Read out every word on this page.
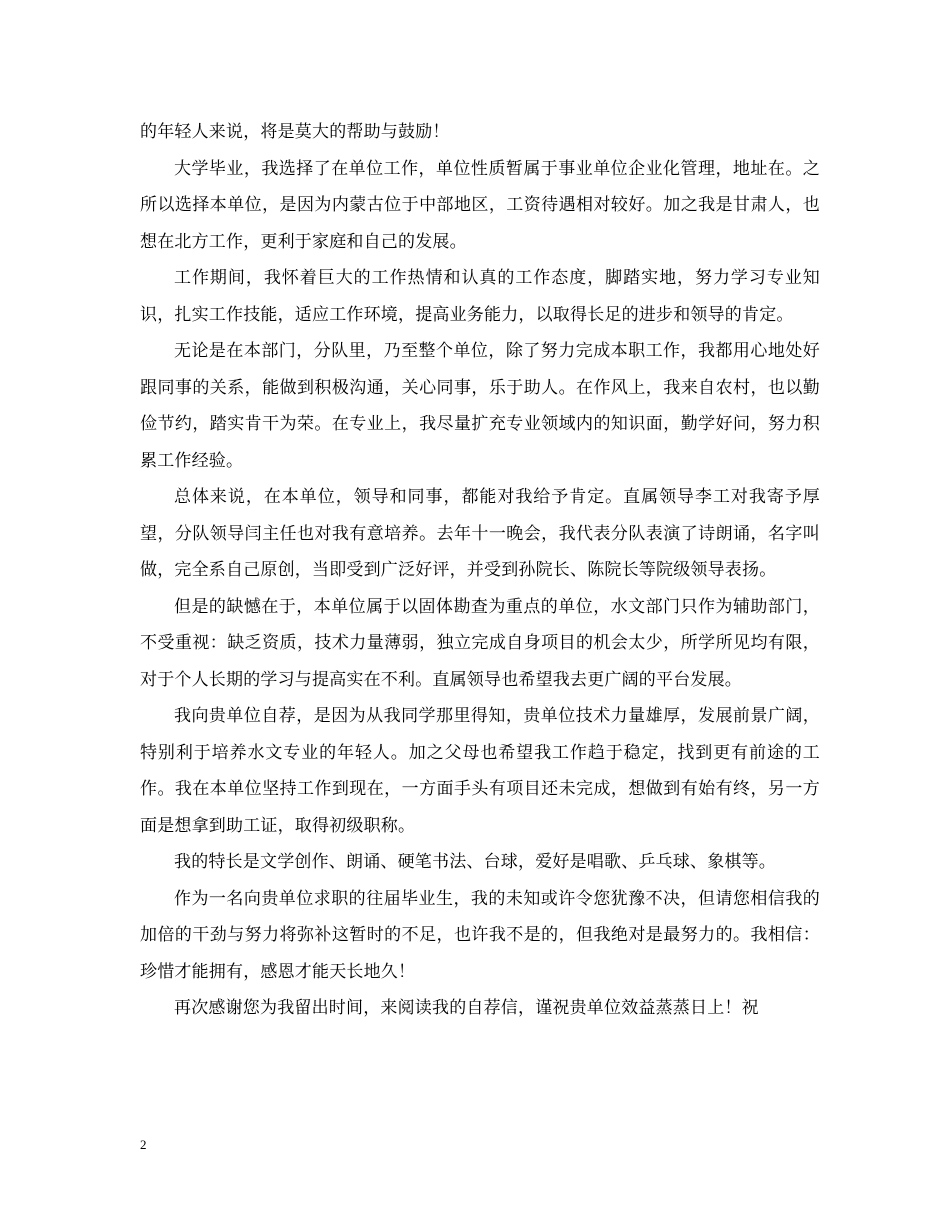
的年轻人来说，将是莫大的帮助与鼓励！

大学毕业，我选择了在单位工作，单位性质暂属于事业单位企业化管理，地址在。之所以选择本单位，是因为内蒙古位于中部地区，工资待遇相对较好。加之我是甘肃人，也想在北方工作，更利于家庭和自己的发展。

工作期间，我怀着巨大的工作热情和认真的工作态度，脚踏实地，努力学习专业知识，扎实工作技能，适应工作环境，提高业务能力，以取得长足的进步和领导的肯定。

无论是在本部门，分队里，乃至整个单位，除了努力完成本职工作，我都用心地处好跟同事的关系，能做到积极沟通，关心同事，乐于助人。在作风上，我来自农村，也以勤俭节约，踏实肯干为荣。在专业上，我尽量扩充专业领域内的知识面，勤学好问，努力积累工作经验。

总体来说，在本单位，领导和同事，都能对我给予肯定。直属领导李工对我寄予厚望，分队领导闫主任也对我有意培养。去年十一晚会，我代表分队表演了诗朗诵，名字叫做，完全系自己原创，当即受到广泛好评，并受到孙院长、陈院长等院级领导表扬。

但是的缺憾在于，本单位属于以固体勘查为重点的单位，水文部门只作为辅助部门，不受重视：缺乏资质，技术力量薄弱，独立完成自身项目的机会太少，所学所见均有限，对于个人长期的学习与提高实在不利。直属领导也希望我去更广阔的平台发展。

我向贵单位自荐，是因为从我同学那里得知，贵单位技术力量雄厚，发展前景广阔，特别利于培养水文专业的年轻人。加之父母也希望我工作趋于稳定，找到更有前途的工作。我在本单位坚持工作到现在，一方面手头有项目还未完成，想做到有始有终，另一方面是想拿到助工证，取得初级职称。

我的特长是文学创作、朗诵、硬笔书法、台球，爱好是唱歌、乒乓球、象棋等。

作为一名向贵单位求职的往届毕业生，我的未知或许令您犹豫不决，但请您相信我的加倍的干劲与努力将弥补这暂时的不足，也许我不是的，但我绝对是最努力的。我相信：珍惜才能拥有，感恩才能天长地久！

再次感谢您为我留出时间，来阅读我的自荐信，谨祝贵单位效益蒸蒸日上！祝

2
